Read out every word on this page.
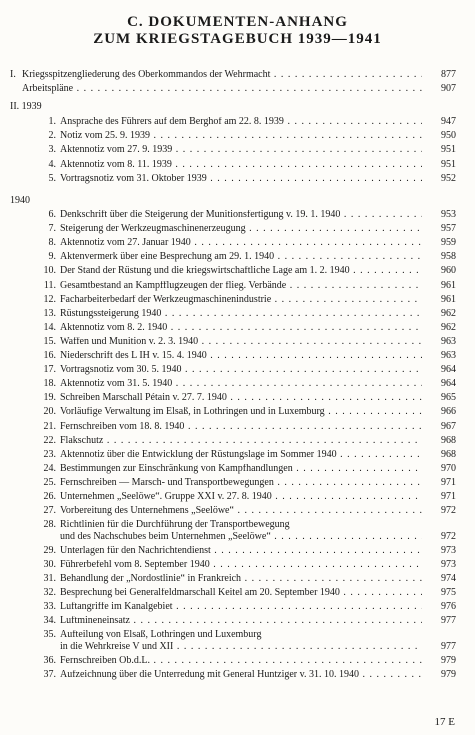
C. DOKUMENTEN-ANHANG
ZUM KRIEGSTAGEBUCH 1939—1941
I. Kriegsspitzengliederung des Oberkommandos der Wehrmacht . . .	877
Arbeitspläne . . .	907
II. 1939
1940
1. Ansprache des Führers auf dem Berghof am 22. 8. 1939 . . .	947
2. Notiz vom 25. 9. 1939 . . .	950
3. Aktennotiz vom 27. 9. 1939 . . .	951
4. Aktennotiz vom 8. 11. 1939 . . .	951
5. Vortragsnotiz vom 31. Oktober 1939 . . .	952
6. Denkschrift über die Steigerung der Munitionsfertigung v. 19. 1. 1940 . . .	953
7. Steigerung der Werkzeugmaschinenerzeugung . . .	957
8. Aktennotiz vom 27. Januar 1940 . . .	959
9. Aktenvermerk über eine Besprechung am 29. 1. 1940 . . .	958
10. Der Stand der Rüstung und die kriegswirtschaftliche Lage am 1. 2. 1940 . . .	960
11. Gesamtbestand an Kampfflugzeugen der flieg. Verbände . . .	961
12. Facharbeiterbedarf der Werkzeugmaschinenindustrie . . .	961
13. Rüstungssteigerung 1940 . . .	962
14. Aktennotiz vom 8. 2. 1940 . . .	962
15. Waffen und Munition v. 2. 3. 1940 . . .	963
16. Niederschrift des L IH v. 15. 4. 1940 . . .	963
17. Vortragsnotiz vom 30. 5. 1940 . . .	964
18. Aktennotiz vom 31. 5. 1940 . . .	964
19. Schreiben Marschall Pétain v. 27. 7. 1940 . . .	965
20. Vorläufige Verwaltung im Elsaß, in Lothringen und in Luxemburg . . .	966
21. Fernschreiben vom 18. 8. 1940 . . .	967
22. Flakschutz . . .	968
23. Aktennotiz über die Entwicklung der Rüstungslage im Sommer 1940 . . .	968
24. Bestimmungen zur Einschränkung von Kampfhandlungen . . .	970
25. Fernschreiben — Marsch- und Transportbewegungen . . .	971
26. Unternehmen „Seelöwe“. Gruppe XXI v. 27. 8. 1940 . . .	971
27. Vorbereitung des Unternehmens „Seelöwe“ . . .	972
28. Richtlinien für die Durchführung der Transportbewegung
und des Nachschubes beim Unternehmen „Seelöwe“ . . .	972
29. Unterlagen für den Nachrichtendienst . . .	973
30. Führerbefehl vom 8. September 1940 . . .	973
31. Behandlung der „Nordostlinie“ in Frankreich . . .	974
32. Besprechung bei Generalfeldmarschall Keitel am 20. September 1940 . . .	975
33. Luftangriffe im Kanalgebiet . . .	976
34. Luftmineneinsatz . . .	977
35. Aufteilung von Elsaß, Lothringen und Luxemburg
in die Wehrkreise V und XII . . .	977
36. Fernschreiben Ob.d.L. . . .	979
37. Aufzeichnung über die Unterredung mit General Huntziger v. 31. 10. 1940 . . .	979
17 E
